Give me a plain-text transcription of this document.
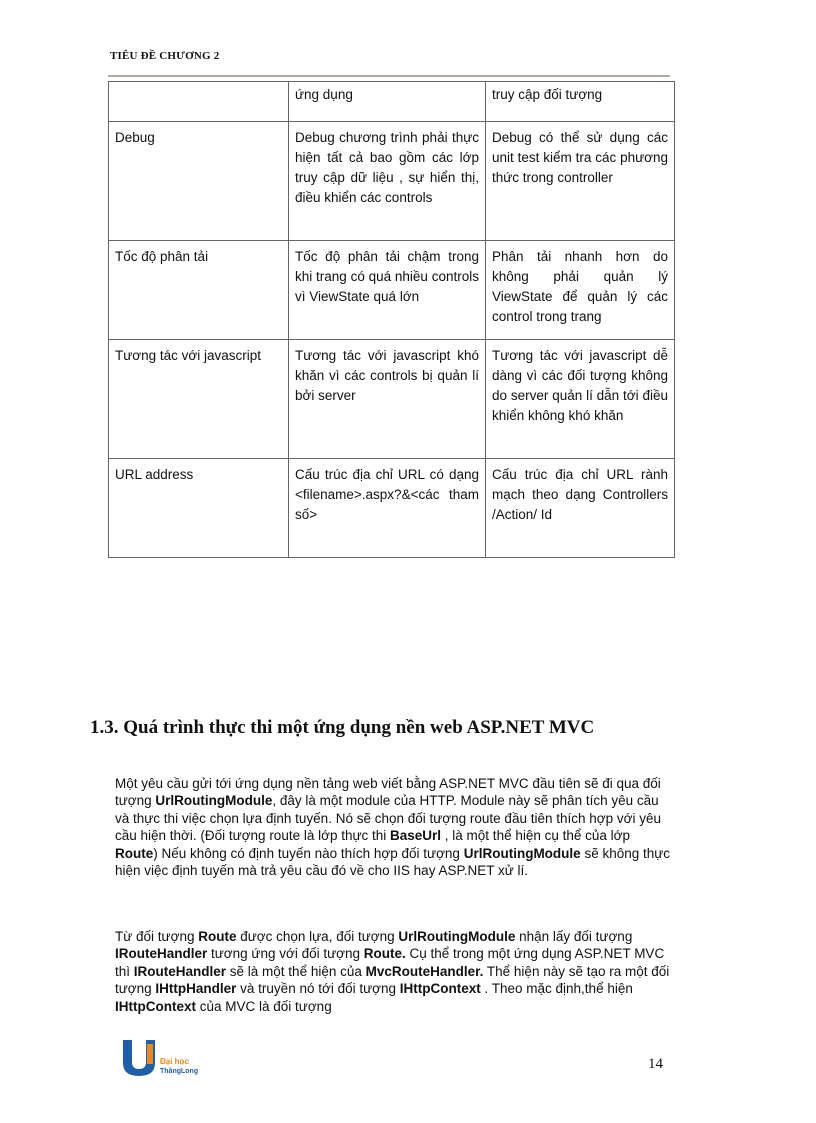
TIÊU ĐỀ CHƯƠNG 2
	ứng dụng	truy cập đối tượng
Debug	Debug chương trình phải thực hiện tất cả bao gồm các lớp truy cập dữ liệu , sự hiển thị, điều khiển các controls	Debug có thể sử dụng các unit test kiểm tra các phương thức trong controller
Tốc độ phân tải	Tốc độ phân tải chậm trong khi trang có quá nhiều controls vì ViewState quá lớn	Phân tải nhanh hơn do không phải quản lý ViewState để quản lý các control trong trang
Tương tác với javascript	Tương tác với javascript khó khăn vì các controls bị quản lí bởi server	Tương tác với javascript dễ dàng vì các đối tượng không do server quản lí dẫn tới điều khiển không khó khăn
URL address	Cấu trúc địa chỉ URL có dạng <filename>.aspx?&<các tham số>	Cấu trúc địa chỉ URL rành mạch theo dạng Controllers /Action/ Id
1.3. Quá trình thực thi một ứng dụng nền web ASP.NET MVC

Một yêu cầu gửi tới ứng dụng nền tảng web viết bằng ASP.NET MVC đầu tiên sẽ đi qua đối tượng UrlRoutingModule, đây là một module của HTTP. Module này sẽ phân tích yêu cầu và thực thi việc chọn lựa định tuyến. Nó sẽ chọn đối tượng route đầu tiên thích hợp với yêu cầu hiện thời. (Đối tượng route là lớp thực thi BaseUrl , là một thể hiện cụ thể của lớp Route) Nếu không có định tuyến nào thích hợp đối tượng UrlRoutingModule sẽ không thực hiện việc định tuyến mà trả yêu cầu đó về cho IIS hay ASP.NET xử lí.

Từ đối tượng Route được chọn lựa, đối tượng UrlRoutingModule nhận lấy đối tượng IRouteHandler tương ứng với đối tượng Route. Cụ thể trong một ứng dụng ASP.NET MVC thì IRouteHandler sẽ là một thể hiện của MvcRouteHandler. Thể hiện này sẽ tạo ra một đối tượng IHttpHandler và truyền nó tới đối tượng IHttpContext . Theo mặc định,thể hiện IHttpContext của MVC là đối tượng

Đại học
ThăngLong	14
